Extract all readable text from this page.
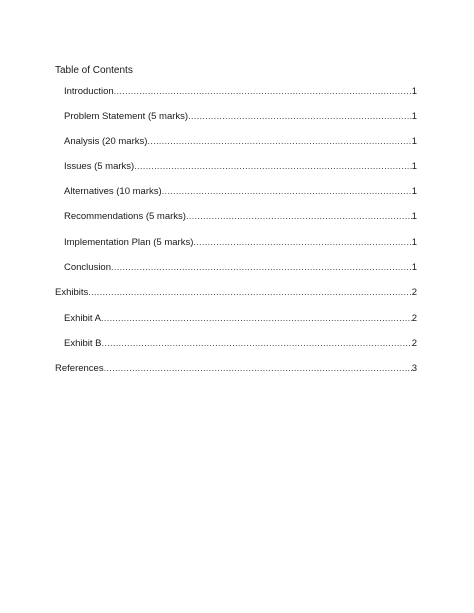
Table of Contents
Introduction .....	1
Problem Statement (5 marks) .....	1
Analysis (20 marks) .....	1
Issues (5 marks) .....	1
Alternatives (10 marks) .....	1
Recommendations (5 marks) .....	1
Implementation Plan (5 marks) .....	1
Conclusion .....	1
Exhibits .....	2
Exhibit A .....	2
Exhibit B .....	2
References .....	3
